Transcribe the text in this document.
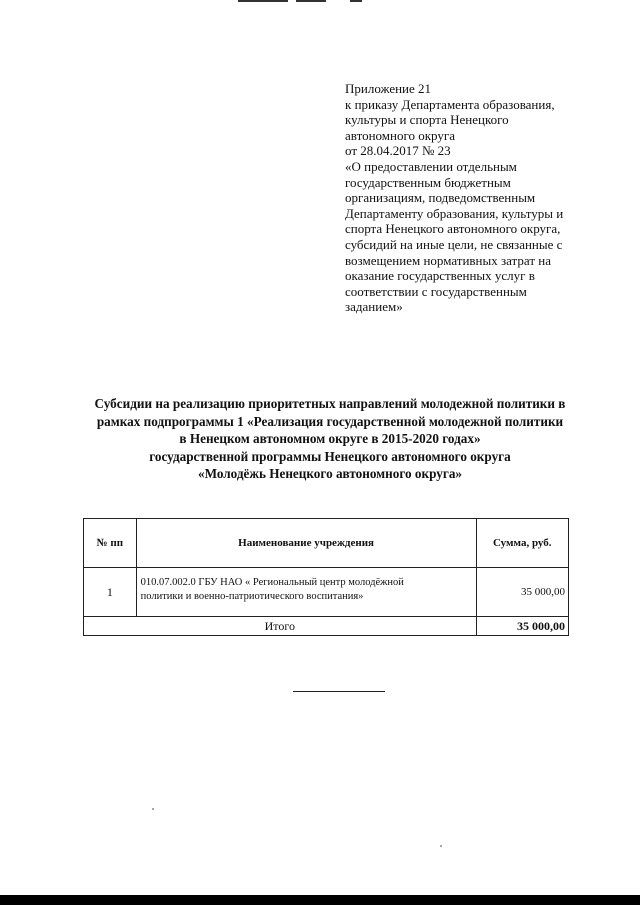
Приложение 21
к приказу Департамента образования,
культуры и спорта Ненецкого
автономного округа
от 28.04.2017 № 23
«О предоставлении отдельным
государственным бюджетным
организациям, подведомственным
Департаменту образования, культуры и
спорта Ненецкого автономного округа,
субсидий на иные цели, не связанные с
возмещением нормативных затрат на
оказание государственных услуг в
соответствии с государственным
заданием»
Субсидии на реализацию приоритетных направлений молодежной политики в
рамках подпрограммы 1 «Реализация государственной молодежной политики
в Ненецком автономном округе в 2015-2020 годах»
государственной программы Ненецкого автономного округа
«Молодёжь Ненецкого автономного округа»
№ пп	Наименование учреждения	Сумма, руб.
1	010.07.002.0 ГБУ НАО « Региональный центр молодёжной
политики и военно-патриотического воспитания»	35 000,00
Итого		35 000,00
